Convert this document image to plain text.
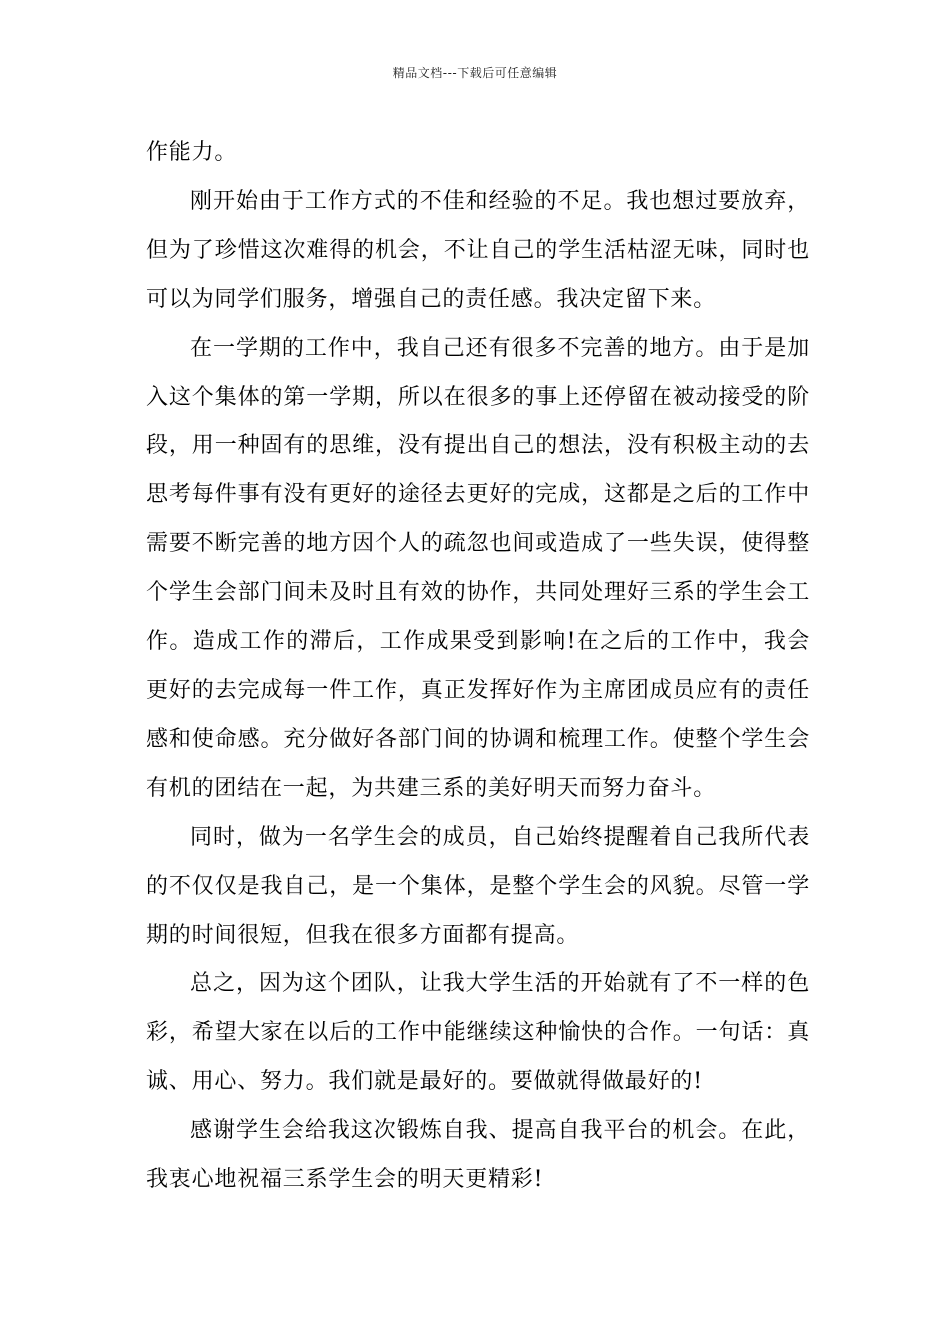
精品文档---下载后可任意编辑

作能力。

刚开始由于工作方式的不佳和经验的不足。我也想过要放弃，但为了珍惜这次难得的机会，不让自己的学生活枯涩无味，同时也可以为同学们服务，增强自己的责任感。我决定留下来。

在一学期的工作中，我自己还有很多不完善的地方。由于是加入这个集体的第一学期，所以在很多的事上还停留在被动接受的阶段，用一种固有的思维，没有提出自己的想法，没有积极主动的去思考每件事有没有更好的途径去更好的完成，这都是之后的工作中需要不断完善的地方因个人的疏忽也间或造成了一些失误，使得整个学生会部门间未及时且有效的协作，共同处理好三系的学生会工作。造成工作的滞后，工作成果受到影响!在之后的工作中，我会更好的去完成每一件工作，真正发挥好作为主席团成员应有的责任感和使命感。充分做好各部门间的协调和梳理工作。使整个学生会有机的团结在一起，为共建三系的美好明天而努力奋斗。

同时，做为一名学生会的成员，自己始终提醒着自己我所代表的不仅仅是我自己，是一个集体，是整个学生会的风貌。尽管一学期的时间很短，但我在很多方面都有提高。

总之，因为这个团队，让我大学生活的开始就有了不一样的色彩，希望大家在以后的工作中能继续这种愉快的合作。一句话：真诚、用心、努力。我们就是最好的。要做就得做最好的!

感谢学生会给我这次锻炼自我、提高自我平台的机会。在此，我衷心地祝福三系学生会的明天更精彩!
